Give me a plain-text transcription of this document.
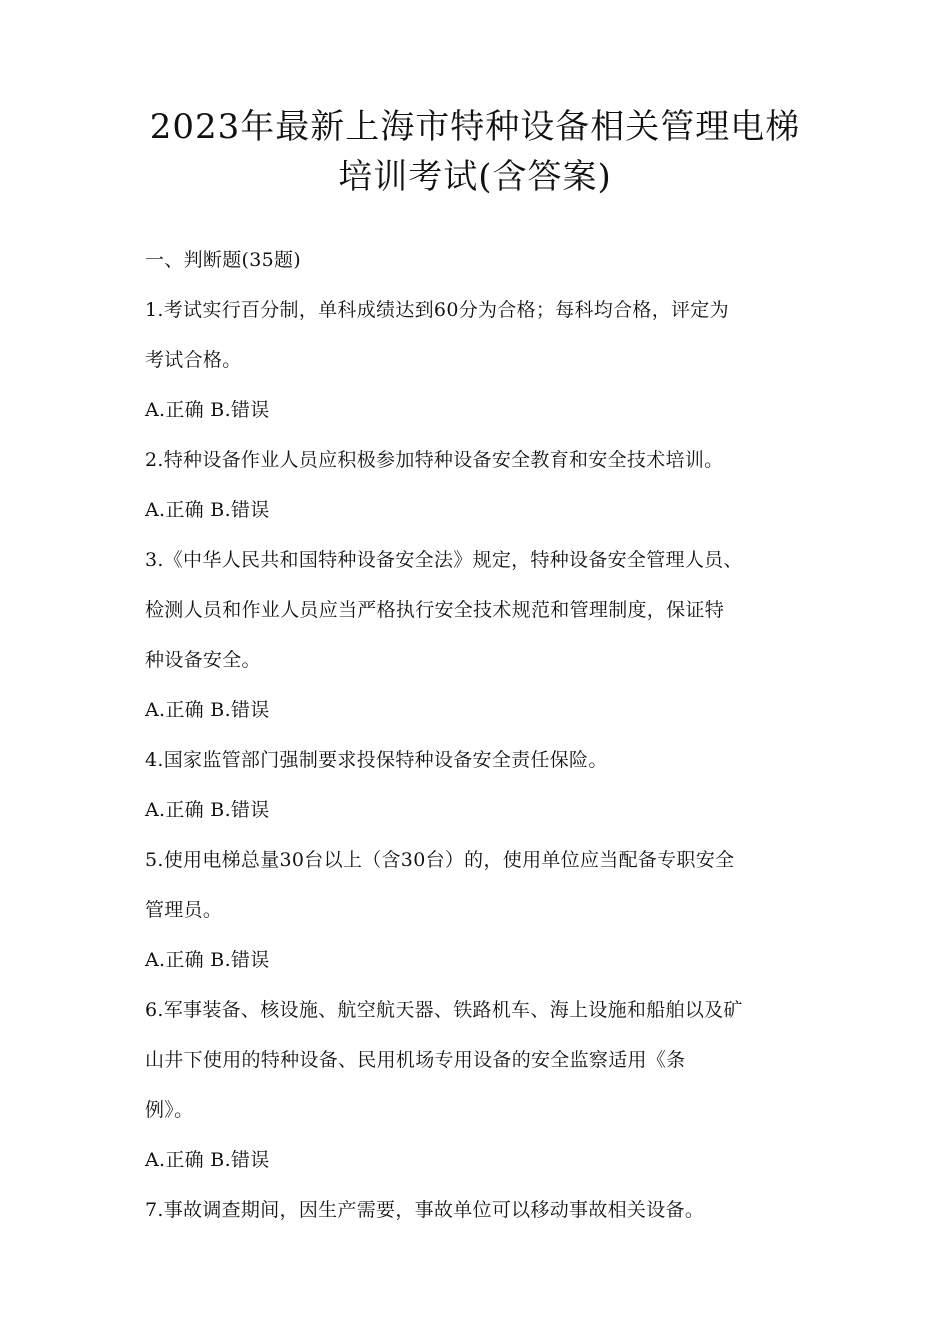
2023年最新上海市特种设备相关管理电梯
培训考试(含答案)
一、判断题(35题)
1.考试实行百分制，单科成绩达到60分为合格；每科均合格，评定为
考试合格。
A.正确 B.错误
2.特种设备作业人员应积极参加特种设备安全教育和安全技术培训。
A.正确 B.错误
3.《中华人民共和国特种设备安全法》规定，特种设备安全管理人员、
检测人员和作业人员应当严格执行安全技术规范和管理制度，保证特
种设备安全。
A.正确 B.错误
4.国家监管部门强制要求投保特种设备安全责任保险。
A.正确 B.错误
5.使用电梯总量30台以上（含30台）的，使用单位应当配备专职安全
管理员。
A.正确 B.错误
6.军事装备、核设施、航空航天器、铁路机车、海上设施和船舶以及矿
山井下使用的特种设备、民用机场专用设备的安全监察适用《条
例》。
A.正确 B.错误
7.事故调查期间，因生产需要，事故单位可以移动事故相关设备。
